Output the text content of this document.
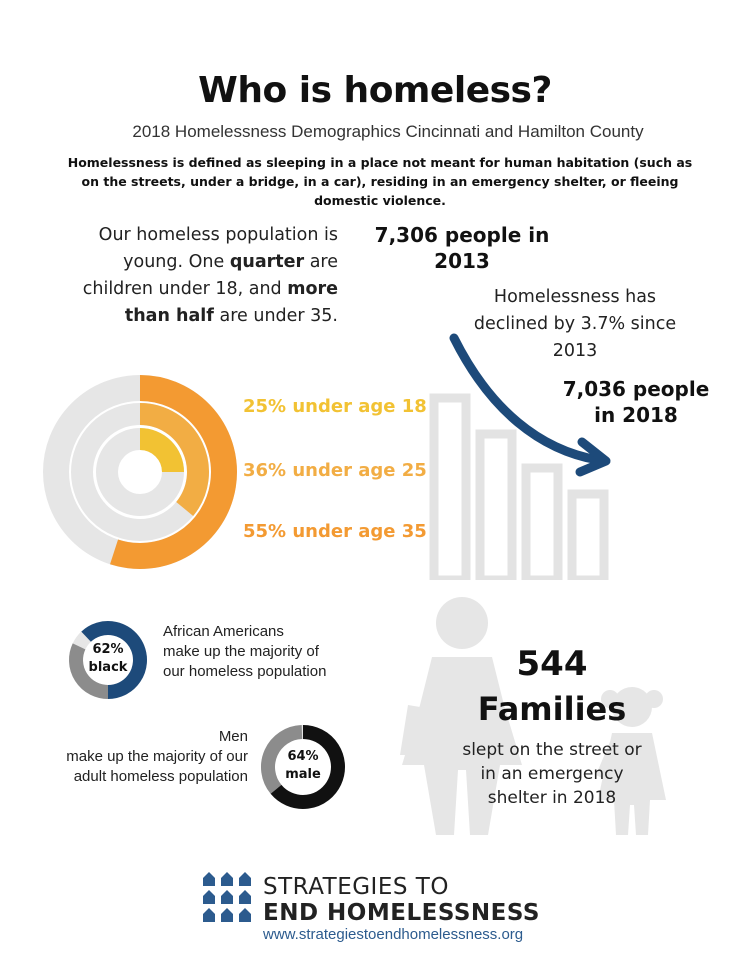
Who is homeless?
2018 Homelessness Demographics Cincinnati and Hamilton County
Homelessness is defined as sleeping in a place not meant for human habitation (such as on the streets, under a bridge, in a car), residing in an emergency shelter, or fleeing domestic violence.
Our homeless population is young. One quarter are children under 18, and more than half are under 35.
25% under age 18
36% under age 25
55% under age 35
7,306 people in 2013
Homelessness has declined by 3.7% since 2013
7,036 people in 2018
62%
black
African Americans
make up the majority of our homeless population
64%
male
Men
make up the majority of our adult homeless population
544
Families
slept on the street or in an emergency shelter in 2018
STRATEGIES TO
END HOMELESSNESS
www.strategiestoendhomelessness.org
